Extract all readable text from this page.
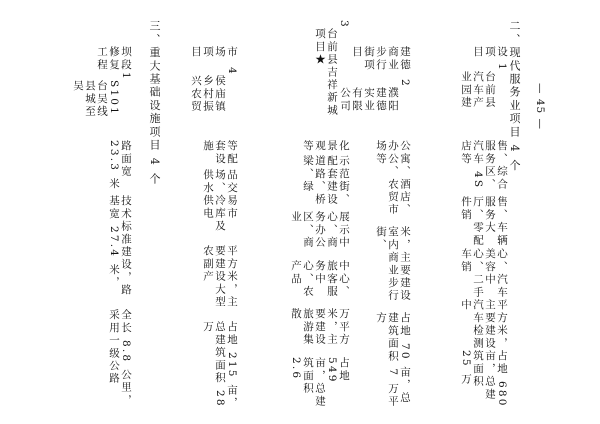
二、现代服务业项目 4 个
1
台前县汽车产业园建
设项目
占地 680 亩，总建筑面积 25 万
平方米，主要建设汽车检测中
心、汽车美容中心、二手车销
售、车辆服务大厅、零配件销
售、综合服务区、汽车 4S 店等
2
濮阳建德实业有限公司
建德商业步行街项目
占地 70 亩，总建筑面积 7 万平方
米，主要建设室内商业步行街、
公寓、酒店、办公、农贸市场等
3
台前县吉祥新城项目★
占地 549 亩，总建筑面积 2.6
万平方米，主要建设旅游集散
中心、旅客服务中心、农产品
展示中心、商务办公区、商业
示范街、配套建设道路、桥梁、绿
化景观等
4
侯庙镇乡村振兴农贸
市场项目
占地 215 亩，总建筑面积 28 万
平方米，主要建设大型农副产
品交易市场、冷库及供水供电
等配套设施
三、重大基础设施项目 4 个
1
S101 台吴线县城至吴
坝段修复工程
全长 8.8 公里，采用一级公路
技术标准建设，路基宽 27.4 米，
路面宽 23.3 米
— 45 —
